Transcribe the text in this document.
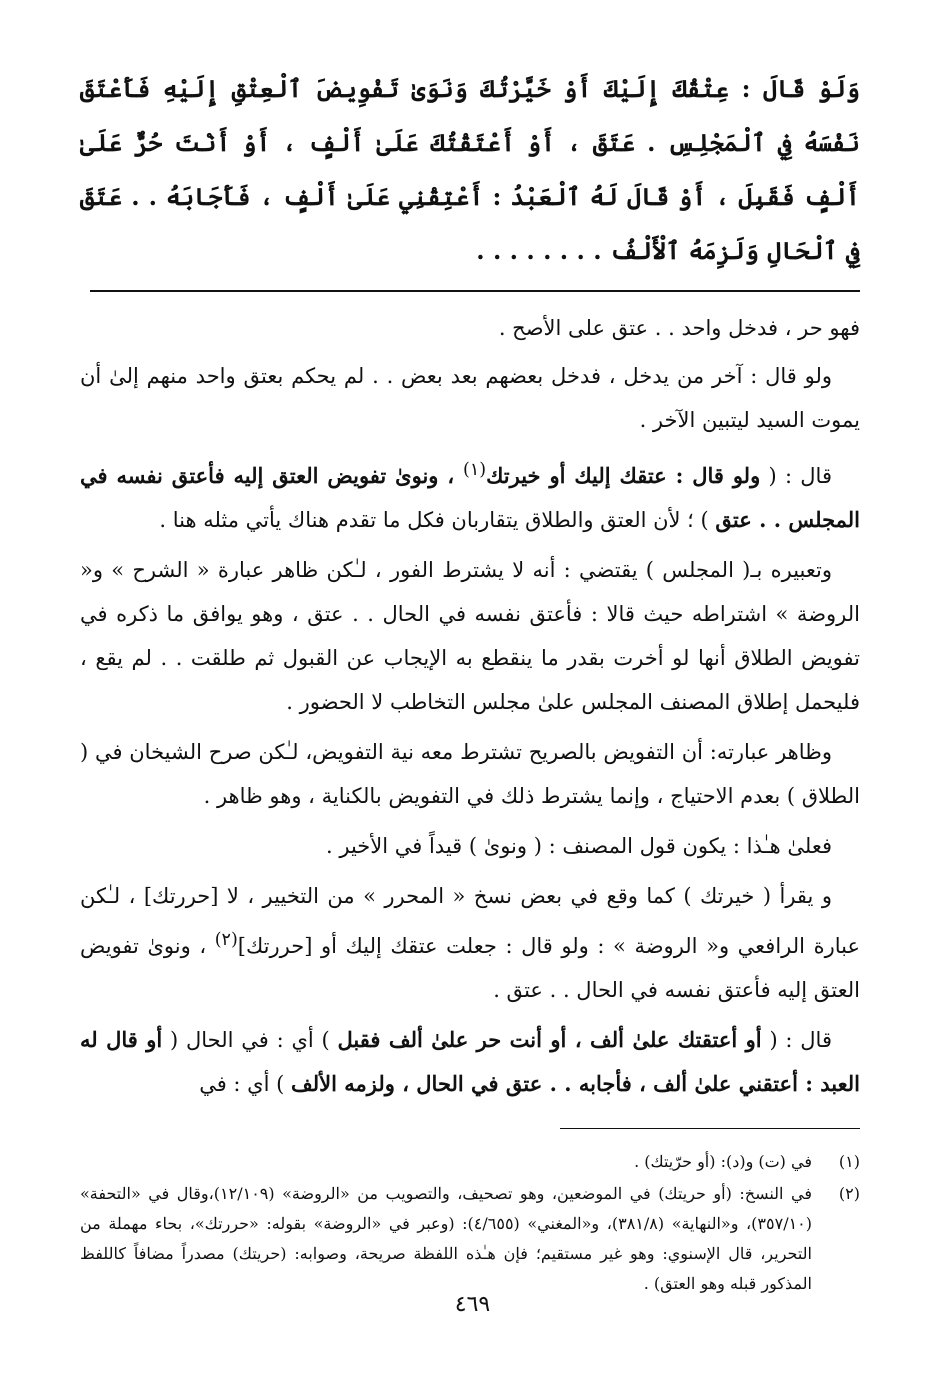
وَلَوْ قَالَ : عِتْقُكَ إِلَيْكَ أَوْ خَيَّرْتُكَ وَنَوَىٰ تَفْوِيضَ ٱلْعِتْقِ إِلَيْهِ فَأَعْتَقَ نَفْسَهُ فِي ٱلْمَجْلِسِ . عَتَقَ ، أَوْ أَعْتَقْتُكَ عَلَىٰ أَلْفٍ ، أَوْ أَنْتَ حُرٌّ عَلَىٰ أَلْفٍ فَقَبِلَ ، أَوْ قَالَ لَهُ ٱلْعَبْدُ : أَعْتِقْنِي عَلَىٰ أَلْفٍ ، فَأَجَابَهُ . . عَتَقَ فِي ٱلْحَالِ وَلَزِمَهُ ٱلْأَلْفُ . . . . . . . .

فهو حر ، فدخل واحد . . عتق على الأصح .

ولو قال : آخر من يدخل ، فدخل بعضهم بعد بعض . . لم يحكم بعتق واحد منهم إلىٰ أن يموت السيد ليتبين الآخر .

قال : ( ولو قال : عتقك إليك أو خيرتك$^{(١)}$ ، ونوىٰ تفويض العتق إليه فأعتق نفسه في المجلس . . عتق ) ؛ لأن العتق والطلاق يتقاربان فكل ما تقدم هناك يأتي مثله هنا .

وتعبيره بـ( المجلس ) يقتضي : أنه لا يشترط الفور ، لـٰكن ظاهر عبارة « الشرح » و« الروضة » اشتراطه حيث قالا : فأعتق نفسه في الحال . . عتق ، وهو يوافق ما ذكره في تفويض الطلاق أنها لو أخرت بقدر ما ينقطع به الإيجاب عن القبول ثم طلقت . . لم يقع ، فليحمل إطلاق المصنف المجلس علىٰ مجلس التخاطب لا الحضور .

وظاهر عبارته: أن التفويض بالصريح تشترط معه نية التفويض، لـٰكن صرح الشيخان في ( الطلاق ) بعدم الاحتياج ، وإنما يشترط ذلك في التفويض بالكناية ، وهو ظاهر .

فعلىٰ هـٰذا : يكون قول المصنف : ( ونوىٰ ) قيداً في الأخير .

و يقرأ ( خيرتك ) كما وقع في بعض نسخ « المحرر » من التخيير ، لا [حررتك] ، لـٰكن عبارة الرافعي و« الروضة » : ولو قال : جعلت عتقك إليك أو [حررتك]$^{(٢)}$ ، ونوىٰ تفويض العتق إليه فأعتق نفسه في الحال . . عتق .

قال : ( أو أعتقتك علىٰ ألف ، أو أنت حر علىٰ ألف فقبل ) أي : في الحال ( أو قال له العبد : أعتقني علىٰ ألف ، فأجابه . . عتق في الحال ، ولزمه الألف ) أي : في

(١)
في (ت) و(د): (أو حرّيتك) .
(٢)
في النسخ: (أو حريتك) في الموضعين، وهو تصحيف، والتصويب من «الروضة» (١٢/١٠٩)،وقال في «التحفة» (٣٥٧/١٠)، و«النهاية» (٣٨١/٨)، و«المغني» (٤/٦٥٥): (وعبر في «الروضة» بقوله: «حررتك»، بحاء مهملة من التحرير، قال الإسنوي: وهو غير مستقيم؛ فإن هـٰذه اللفظة صريحة، وصوابه: (حريتك) مصدراً مضافاً كاللفظ المذكور قبله وهو العتق) .
٤٦٩
